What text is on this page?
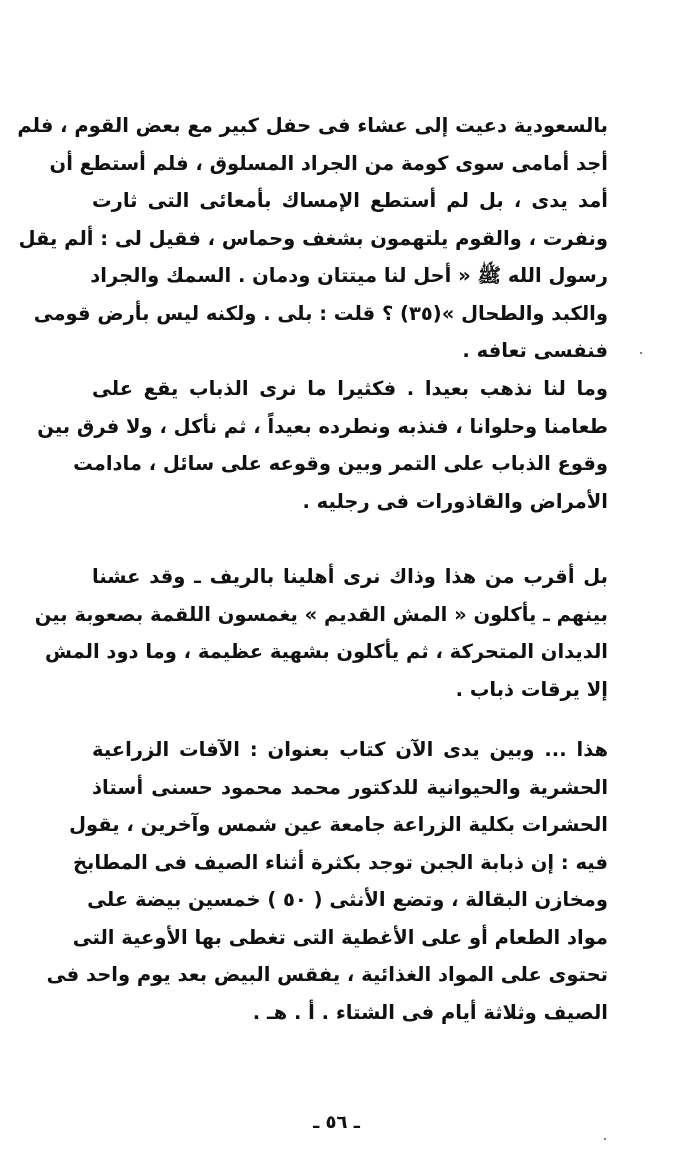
بالسعودية دعيت إلى عشاء فى حفل كبير مع بعض القوم ، فلم
أجد أمامى سوى كومة من الجراد المسلوق ، فلم أستطع أن
أمد يدى ، بل لم أستطع الإمساك بأمعائى التى ثارت
ونفرت ، والقوم يلتهمون بشغف وحماس ، فقيل لى : ألم يقل
رسول الله ﷺ « أحل لنا ميتتان ودمان . السمك والجراد
والكبد والطحال »(٣٥) ؟ قلت : بلى . ولكنه ليس بأرض قومى
فنفسى تعافه .
وما لنا نذهب بعيدا . فكثيرا ما نرى الذباب يقع على
طعامنا وحلوانا ، فنذبه ونطرده بعيداً ، ثم نأكل ، ولا فرق بين
وقوع الذباب على التمر وبين وقوعه على سائل ، مادامت
الأمراض والقاذورات فى رجليه .
بل أقرب من هذا وذاك نرى أهلينا بالريف ـ وقد عشنا
بينهم ـ يأكلون « المش القديم » يغمسون اللقمة بصعوبة بين
الديدان المتحركة ، ثم يأكلون بشهية عظيمة ، وما دود المش
إلا يرقات ذباب .
هذا ... وبين يدى الآن كتاب بعنوان : الآفات الزراعية
الحشرية والحيوانية للدكتور محمد محمود حسنى أستاذ
الحشرات بكلية الزراعة جامعة عين شمس وآخرين ، يقول
فيه : إن ذبابة الجبن توجد بكثرة أثناء الصيف فى المطابخ
ومخازن البقالة ، وتضع الأنثى ( ٥٠ ) خمسين بيضة على
مواد الطعام أو على الأغطية التى تغطى بها الأوعية التى
تحتوى على المواد الغذائية ، يفقس البيض بعد يوم واحد فى
الصيف وثلاثة أيام فى الشتاء . أ . هـ .
ـ ٥٦ ـ
